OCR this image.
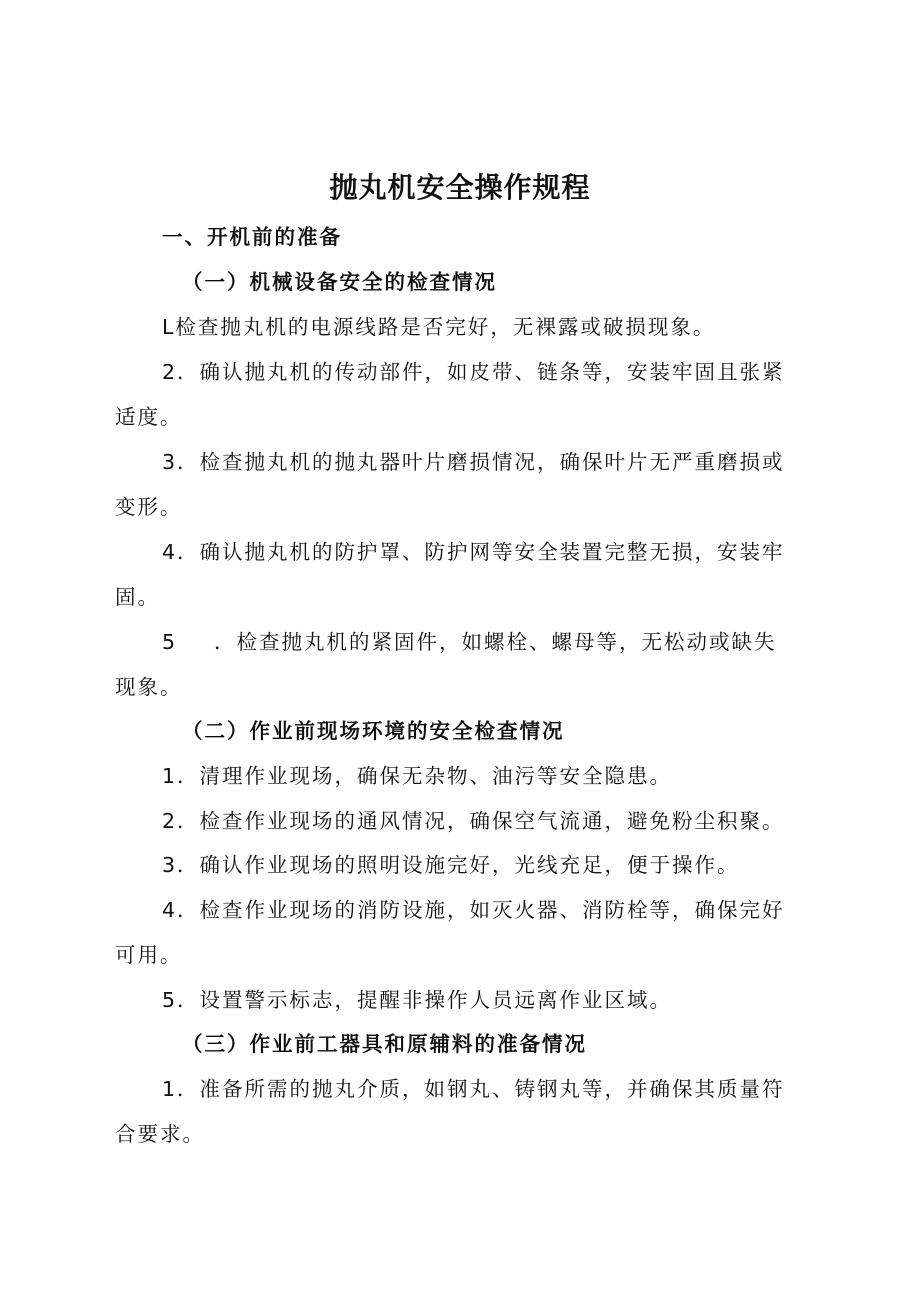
抛丸机安全操作规程

一、开机前的准备

（一）机械设备安全的检查情况

L检查抛丸机的电源线路是否完好，无裸露或破损现象。

2．确认抛丸机的传动部件，如皮带、链条等，安装牢固且张紧

适度。

3．检查抛丸机的抛丸器叶片磨损情况，确保叶片无严重磨损或

变形。

4．确认抛丸机的防护罩、防护网等安全装置完整无损，安装牢

固。

5 ．检查抛丸机的紧固件，如螺栓、螺母等，无松动或缺失

现象。

（二）作业前现场环境的安全检查情况

1．清理作业现场，确保无杂物、油污等安全隐患。

2．检查作业现场的通风情况，确保空气流通，避免粉尘积聚。

3．确认作业现场的照明设施完好，光线充足，便于操作。

4．检查作业现场的消防设施，如灭火器、消防栓等，确保完好

可用。

5．设置警示标志，提醒非操作人员远离作业区域。

（三）作业前工器具和原辅料的准备情况

1．准备所需的抛丸介质，如钢丸、铸钢丸等，并确保其质量符

合要求。
